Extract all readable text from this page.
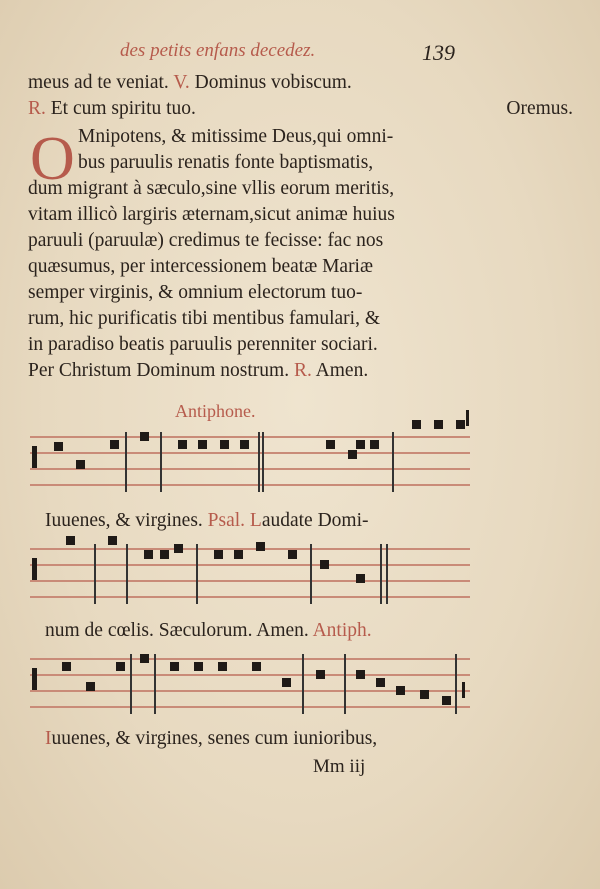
des petits enfans decedez.	139
meus ad te veniat. V. Dominus vobiscum.
R. Et cum spiritu tuo.	Oremus.
O Mnipotens, & mitissime Deus,qui omni-
bus paruulis renatis fonte baptismatis,
dum migrant à sæculo,sine vllis eorum meritis,
vitam illicò largiris æternam,sicut animæ huius
paruuli (paruulæ) credimus te fecisse: fac nos
quæsumus, per intercessionem beatæ Mariæ
semper virginis, & omnium electorum tuo-
rum, hic purificatis tibi mentibus famulari, &
in paradiso beatis paruulis perenniter sociari.
Per Christum Dominum nostrum. R. Amen.
Antiphone.
Iuuenes, & virgines. Psal. Laudate Domi-
num de cœlis. Sæculorum. Amen. Antiph.
Iuuenes, & virgines, senes cum iunioribus,
Mm iij
